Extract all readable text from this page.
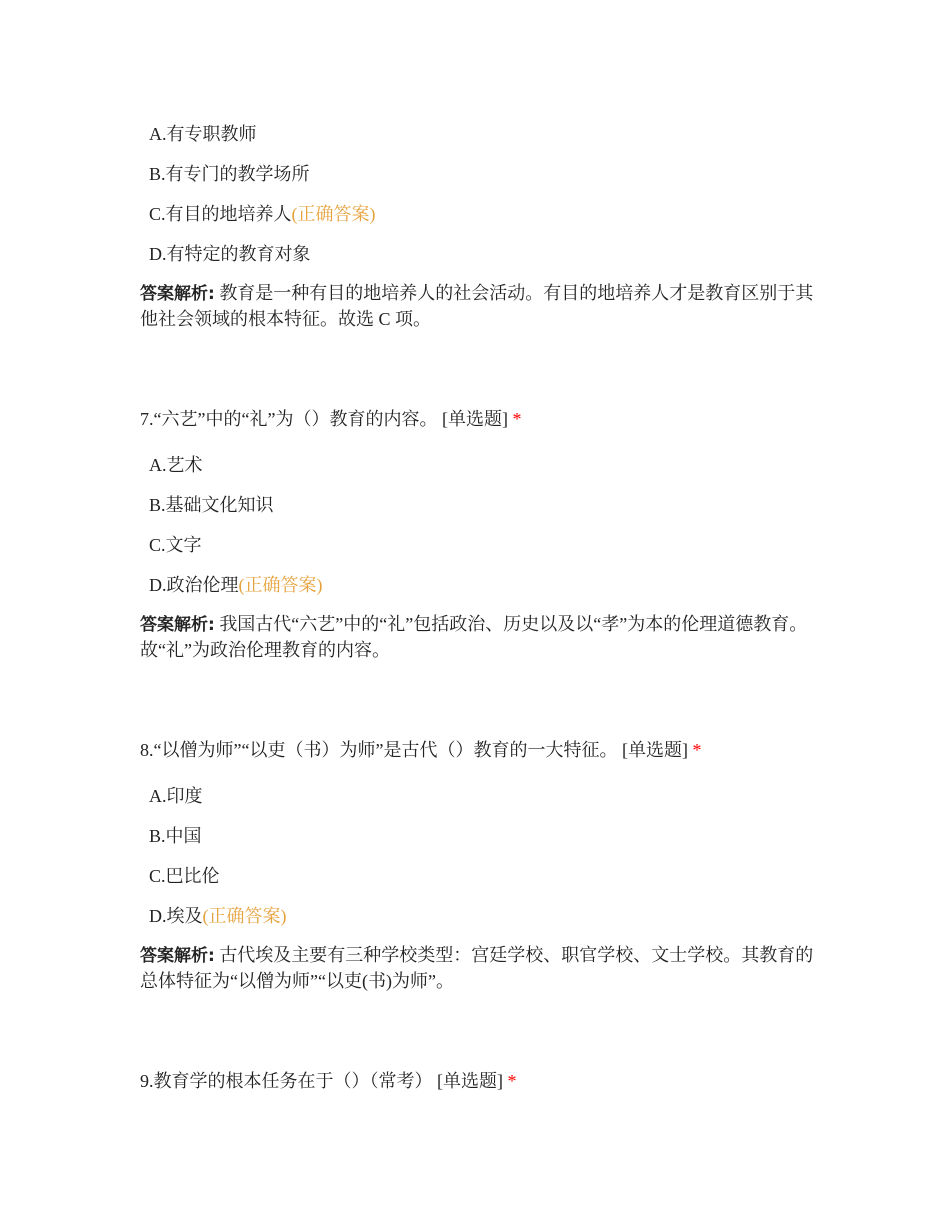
A.有专职教师
B.有专门的教学场所
C.有目的地培养人(正确答案)
D.有特定的教育对象
答案解析: 教育是一种有目的地培养人的社会活动。有目的地培养人才是教育区别于其他社会领域的根本特征。故选 C 项。
7.“六艺”中的“礼”为（）教育的内容。 [单选题] *
A.艺术
B.基础文化知识
C.文字
D.政治伦理(正确答案)
答案解析: 我国古代“六艺”中的“礼”包括政治、历史以及以“孝”为本的伦理道德教育。故“礼”为政治伦理教育的内容。
8.“以僧为师”“以吏（书）为师”是古代（）教育的一大特征。 [单选题] *
A.印度
B.中国
C.巴比伦
D.埃及(正确答案)
答案解析: 古代埃及主要有三种学校类型：宫廷学校、职官学校、文士学校。其教育的总体特征为“以僧为师”“以吏(书)为师”。
9.教育学的根本任务在于（）（常考） [单选题] *
